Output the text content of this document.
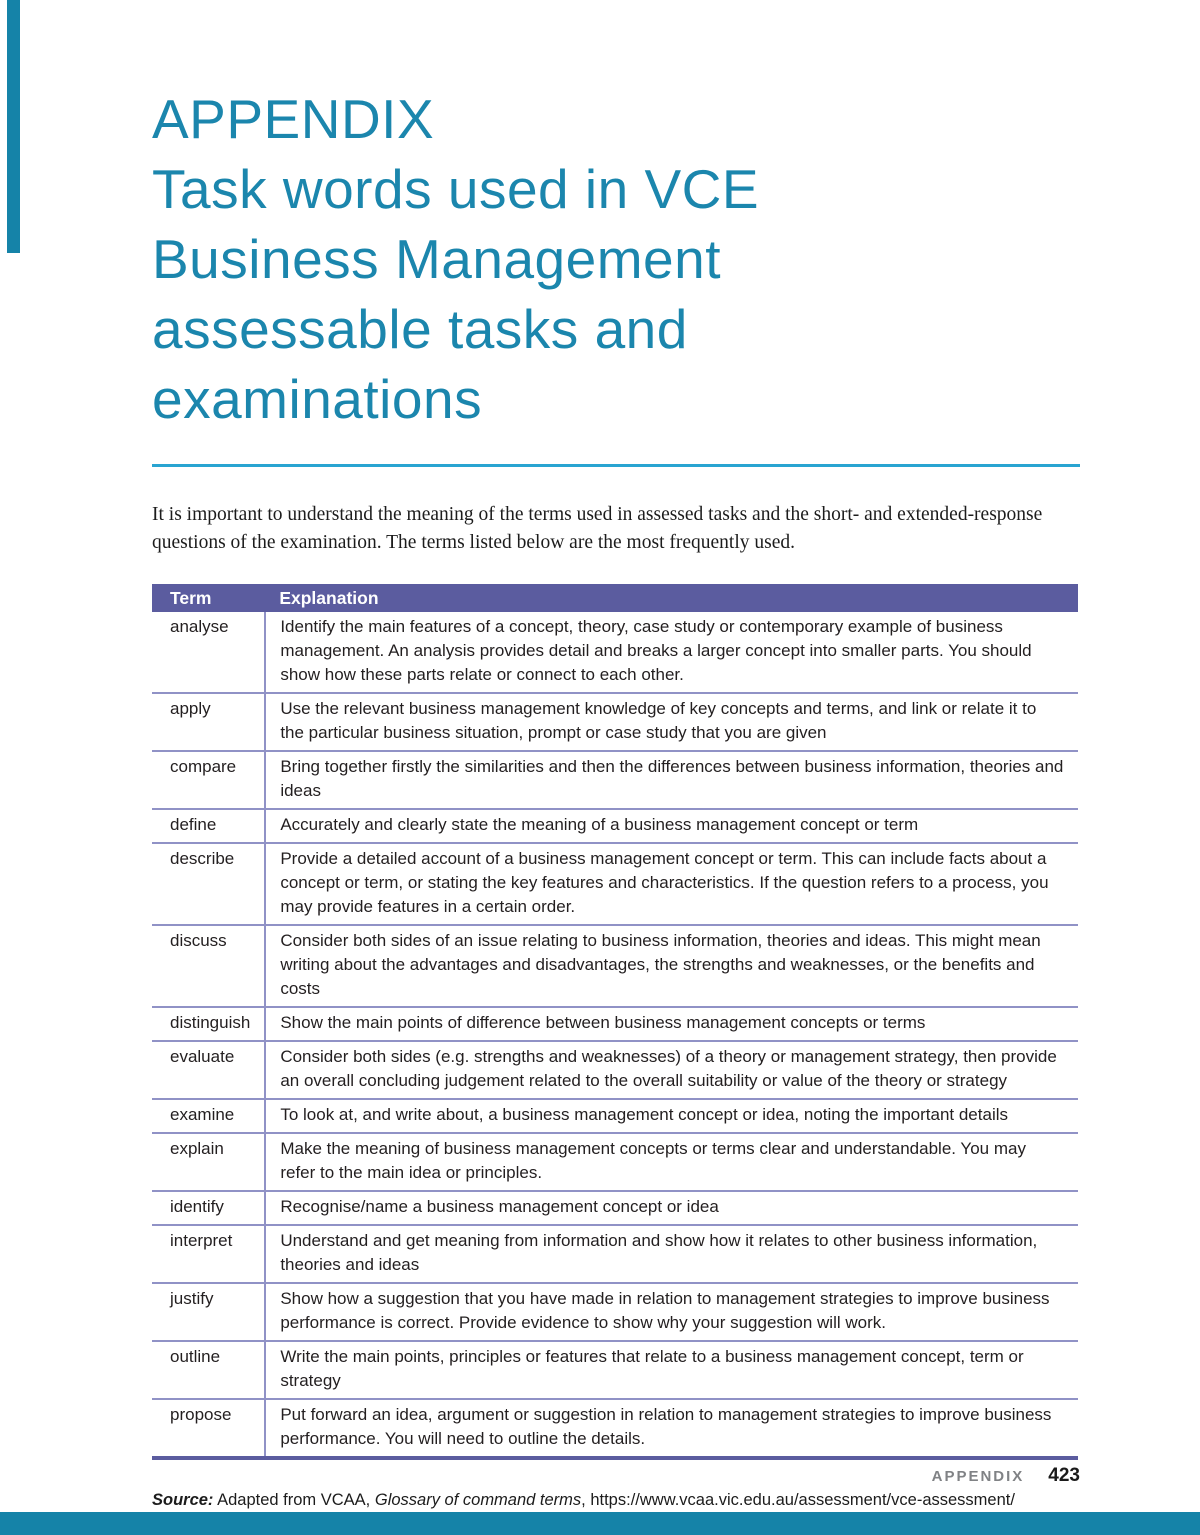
APPENDIX
Task words used in VCE
Business Management
assessable tasks and
examinations

It is important to understand the meaning of the terms used in assessed tasks and the short- and extended-response questions of the examination. The terms listed below are the most frequently used.

Term	Explanation
analyse	Identify the main features of a concept, theory, case study or contemporary example of business management. An analysis provides detail and breaks a larger concept into smaller parts. You should show how these parts relate or connect to each other.
apply	Use the relevant business management knowledge of key concepts and terms, and link or relate it to the particular business situation, prompt or case study that you are given
compare	Bring together firstly the similarities and then the differences between business information, theories and ideas
define	Accurately and clearly state the meaning of a business management concept or term
describe	Provide a detailed account of a business management concept or term. This can include facts about a concept or term, or stating the key features and characteristics. If the question refers to a process, you may provide features in a certain order.
discuss	Consider both sides of an issue relating to business information, theories and ideas. This might mean writing about the advantages and disadvantages, the strengths and weaknesses, or the benefits and costs
distinguish	Show the main points of difference between business management concepts or terms
evaluate	Consider both sides (e.g. strengths and weaknesses) of a theory or management strategy, then provide an overall concluding judgement related to the overall suitability or value of the theory or strategy
examine	To look at, and write about, a business management concept or idea, noting the important details
explain	Make the meaning of business management concepts or terms clear and understandable. You may refer to the main idea or principles.
identify	Recognise/name a business management concept or idea
interpret	Understand and get meaning from information and show how it relates to other business information, theories and ideas
justify	Show how a suggestion that you have made in relation to management strategies to improve business performance is correct. Provide evidence to show why your suggestion will work.
outline	Write the main points, principles or features that relate to a business management concept, term or strategy
propose	Put forward an idea, argument or suggestion in relation to management strategies to improve business performance. You will need to outline the details.

Source: Adapted from VCAA, Glossary of command terms, https://www.vcaa.vic.edu.au/assessment/vce-assessment/

APPENDIX 423
